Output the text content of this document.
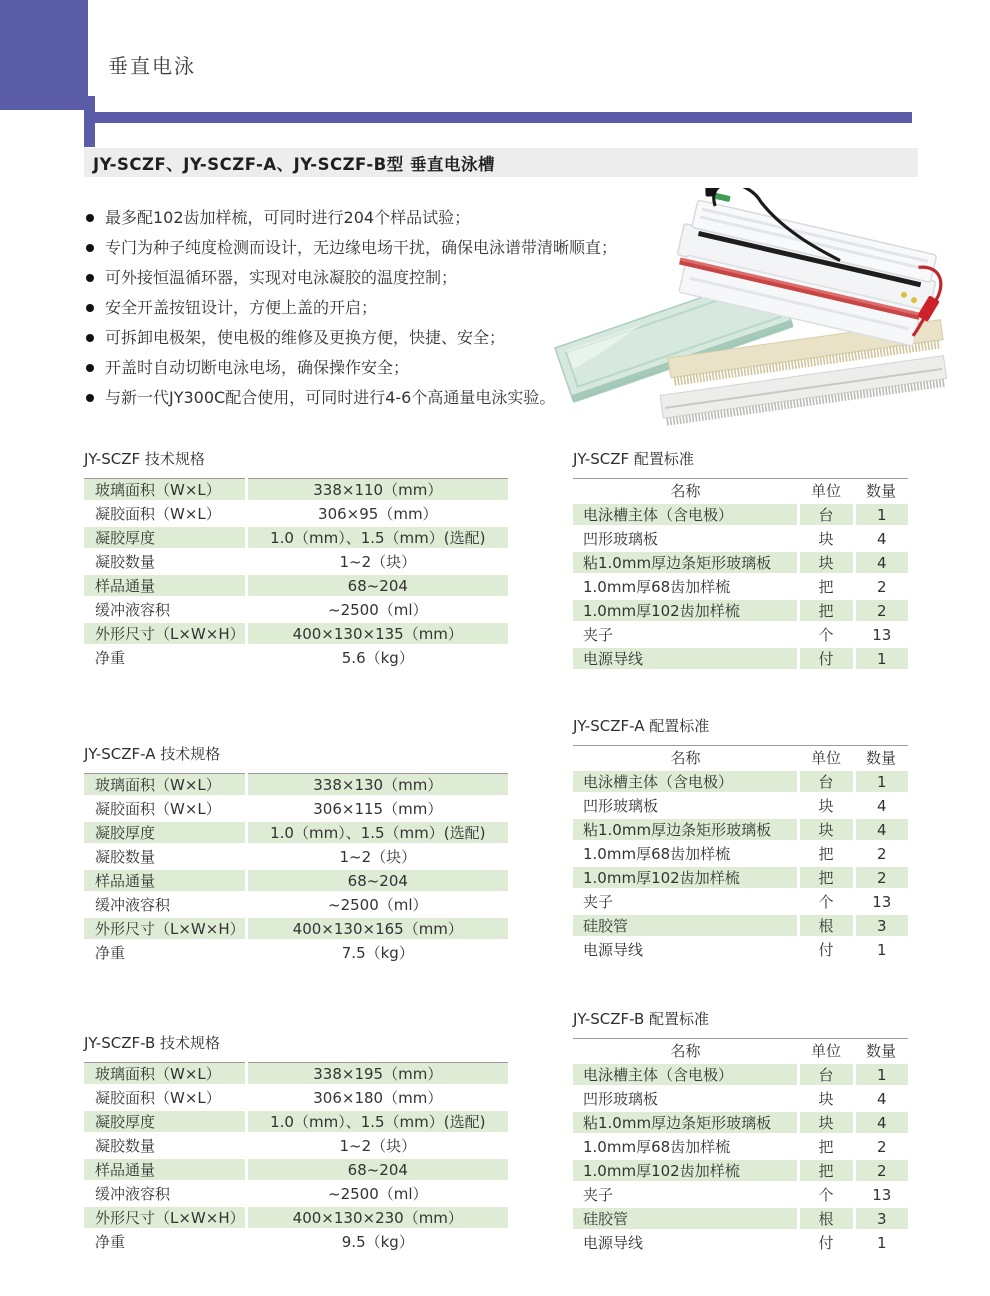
垂直电泳
JY-SCZF、JY-SCZF-A、JY-SCZF-B型 垂直电泳槽
最多配102齿加样梳，可同时进行204个样品试验；
专门为种子纯度检测而设计，无边缘电场干扰，确保电泳谱带清晰顺直；
可外接恒温循环器，实现对电泳凝胶的温度控制；
安全开盖按钮设计，方便上盖的开启；
可拆卸电极架，使电极的维修及更换方便，快捷、安全；
开盖时自动切断电泳电场，确保操作安全；
与新一代JY300C配合使用，可同时进行4-6个高通量电泳实验。
JY-SCZF 技术规格
玻璃面积（W×L）	338×110（mm）
凝胶面积（W×L）	306×95（mm）
凝胶厚度	1.0（mm）、1.5（mm）(选配)
凝胶数量	1~2（块）
样品通量	68~204
缓冲液容积	~2500（ml）
外形尺寸（L×W×H）	400×130×135（mm）
净重	5.6（kg）
JY-SCZF 配置标准
名称	单位	数量
电泳槽主体（含电极）	台	1
凹形玻璃板	块	4
粘1.0mm厚边条矩形玻璃板	块	4
1.0mm厚68齿加样梳	把	2
1.0mm厚102齿加样梳	把	2
夹子	个	13
电源导线	付	1
JY-SCZF-A 技术规格
玻璃面积（W×L）	338×130（mm）
凝胶面积（W×L）	306×115（mm）
凝胶厚度	1.0（mm）、1.5（mm）(选配)
凝胶数量	1~2（块）
样品通量	68~204
缓冲液容积	~2500（ml）
外形尺寸（L×W×H）	400×130×165（mm）
净重	7.5（kg）
JY-SCZF-A 配置标准
名称	单位	数量
电泳槽主体（含电极）	台	1
凹形玻璃板	块	4
粘1.0mm厚边条矩形玻璃板	块	4
1.0mm厚68齿加样梳	把	2
1.0mm厚102齿加样梳	把	2
夹子	个	13
硅胶管	根	3
电源导线	付	1
JY-SCZF-B 技术规格
玻璃面积（W×L）	338×195（mm）
凝胶面积（W×L）	306×180（mm）
凝胶厚度	1.0（mm）、1.5（mm）(选配)
凝胶数量	1~2（块）
样品通量	68~204
缓冲液容积	~2500（ml）
外形尺寸（L×W×H）	400×130×230（mm）
净重	9.5（kg）
JY-SCZF-B 配置标准
名称	单位	数量
电泳槽主体（含电极）	台	1
凹形玻璃板	块	4
粘1.0mm厚边条矩形玻璃板	块	4
1.0mm厚68齿加样梳	把	2
1.0mm厚102齿加样梳	把	2
夹子	个	13
硅胶管	根	3
电源导线	付	1
